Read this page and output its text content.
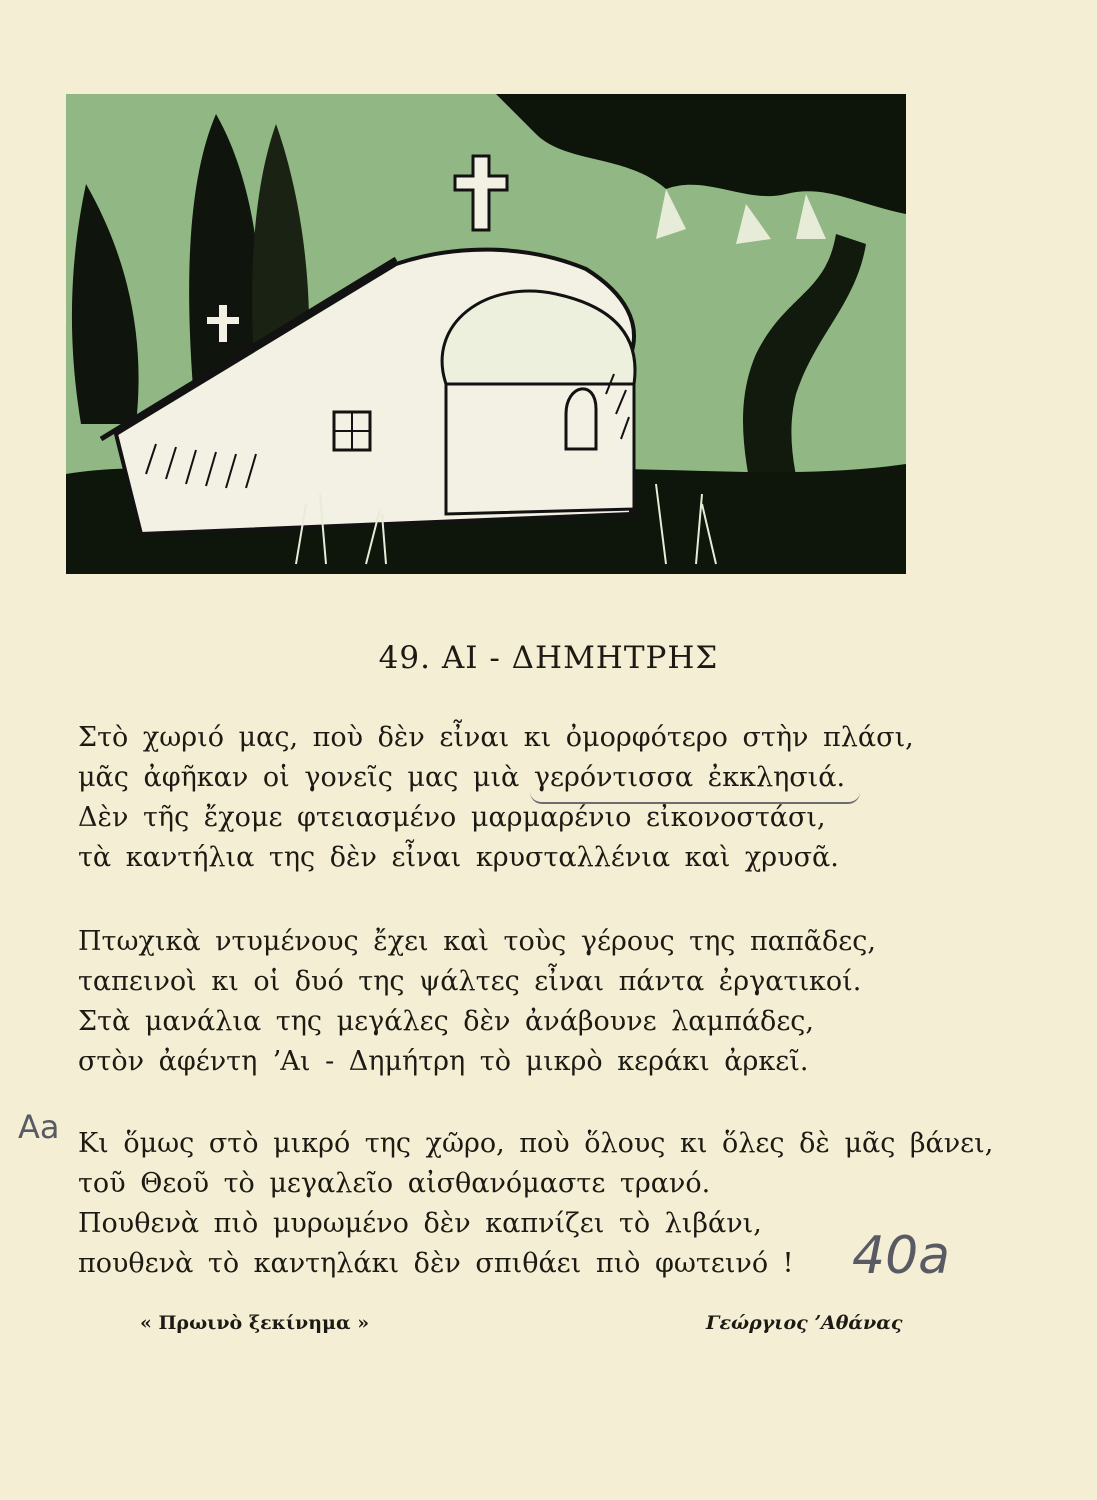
49. ΑΙ - ΔΗΜΗΤΡΗΣ
Στὸ χωριό μας, ποὺ δὲν εἶναι κι ὀμορφότερο στὴν πλάσι,
μᾶς ἀφῆκαν οἱ γονεῖς μας μιὰ γερόντισσα ἐκκλησιά.
Δὲν τῆς ἔχομε φτειασμένο μαρμαρένιο εἰκονοστάσι,
τὰ καντήλια της δὲν εἶναι κρυσταλλένια καὶ χρυσᾶ.
Πτωχικὰ ντυμένους ἔχει καὶ τοὺς γέρους της παπᾶδες,
ταπεινοὶ κι οἱ δυό της ψάλτες εἶναι πάντα ἐργατικοί.
Στὰ μανάλια της μεγάλες δὲν ἀνάβουνε λαμπάδες,
στὸν ἀφέντη ʼΑι - Δημήτρη τὸ μικρὸ κεράκι ἀρκεῖ.
Aa Κι ὅμως στὸ μικρό της χῶρο, ποὺ ὅλους κι ὅλες δὲ μᾶς βάνει,
τοῦ Θεοῦ τὸ μεγαλεῖο αἰσθανόμαστε τρανό.
Πουθενὰ πιὸ μυρωμένο δὲν καπνίζει τὸ λιβάνι,
πουθενὰ τὸ καντηλάκι δὲν σπιθάει πιὸ φωτεινό !	40a
« Πρωινὸ ξεκίνημα »	Γεώργιος ʼΑθάνας
